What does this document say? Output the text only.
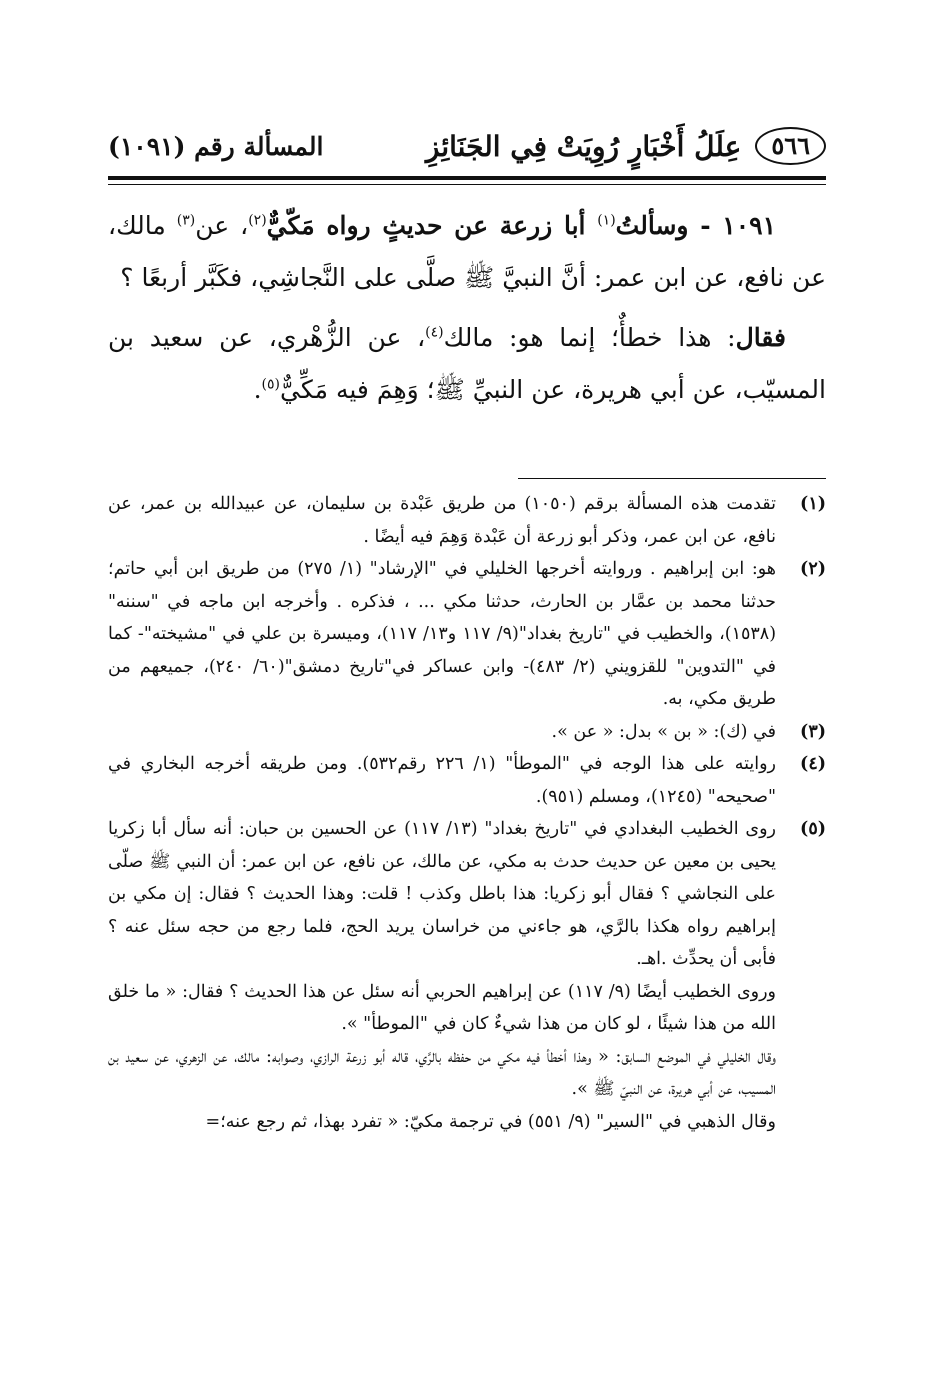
٥٦٦
عِلَلُ أَخْبَارٍ رُوِيَتْ فِي الجَنَائِزِ
المسألة رقم (١٠٩١)

١٠٩١ - وسألتُ$^{(١)}$ أبا زرعة عن حديثٍ رواه مَكّيٌّ$^{(٢)}$، عن$^{(٣)}$ مالك، عن نافع، عن ابن عمر: أنَّ النبيَّ ﷺ صلَّى على النَّجاشِي، فكَبَّر أربعًا ؟

فقال: هذا خطأٌ؛ إنما هو: مالك$^{(٤)}$، عن الزُّهْري، عن سعيد بن المسيّب، عن أبي هريرة، عن النبيِّ ﷺ؛ وَهِمَ فيه مَكِّيٌّ$^{(٥)}$.

(١)

تقدمت هذه المسألة برقم (١٠٥٠) من طريق عَبْدة بن سليمان، عن عبيدالله بن عمر، عن نافع، عن ابن عمر، وذكر أبو زرعة أن عَبْدة وَهِمَ فيه أيضًا .

(٢)

هو: ابن إبراهيم . وروايته أخرجها الخليلي في "الإرشاد" (١/ ٢٧٥) من طريق ابن أبي حاتم؛ حدثنا محمد بن عمَّار بن الحارث، حدثنا مكي ... ، فذكره . وأخرجه ابن ماجه في "سننه" (١٥٣٨)، والخطيب في "تاريخ بغداد"(٩/ ١١٧ و١٣/ ١١٧)، وميسرة بن علي في "مشيخته"- كما في "التدوين" للقزويني (٢/ ٤٨٣)- وابن عساكر في"تاريخ دمشق"(٦٠/ ٢٤٠)، جميعهم من طريق مكي، به.

(٣)

في (ك): « بن » بدل: « عن ».

(٤)

روايته على هذا الوجه في "الموطأ" (١/ ٢٢٦ رقم٥٣٢). ومن طريقه أخرجه البخاري في "صحيحه" (١٢٤٥)، ومسلم (٩٥١).

(٥)

روى الخطيب البغدادي في "تاريخ بغداد" (١٣/ ١١٧) عن الحسين بن حبان: أنه سأل أبا زكريا يحيى بن معين عن حديث حدث به مكي، عن مالك، عن نافع، عن ابن عمر: أن النبي ﷺ صلّى على النجاشي ؟ فقال أبو زكريا: هذا باطل وكذب ! قلت: وهذا الحديث ؟ فقال: إن مكي بن إبراهيم رواه هكذا بالرَّي، هو جاءني من خراسان يريد الحج، فلما رجع من حجه سئل عنه ؟ فأبى أن يحدِّث .اهـ.

وروى الخطيب أيضًا (٩/ ١١٧) عن إبراهيم الحربي أنه سئل عن هذا الحديث ؟ فقال: « ما خلق الله من هذا شيئًا ، لو كان من هذا شيءٌ كان في "الموطأ" ».

وقال الخليلي في الموضع السابق: « وهذا أخطأ فيه مكي من حفظه بالرَّي، قاله أبو زرعة الرازي، وصوابه: مالك، عن الزهري، عن سعيد بن المسيب، عن أبي هريرة، عن النبيّ ﷺ ».

وقال الذهبي في "السير" (٩/ ٥٥١) في ترجمة مكيّ: « تفرد بهذا، ثم رجع عنه؛=
